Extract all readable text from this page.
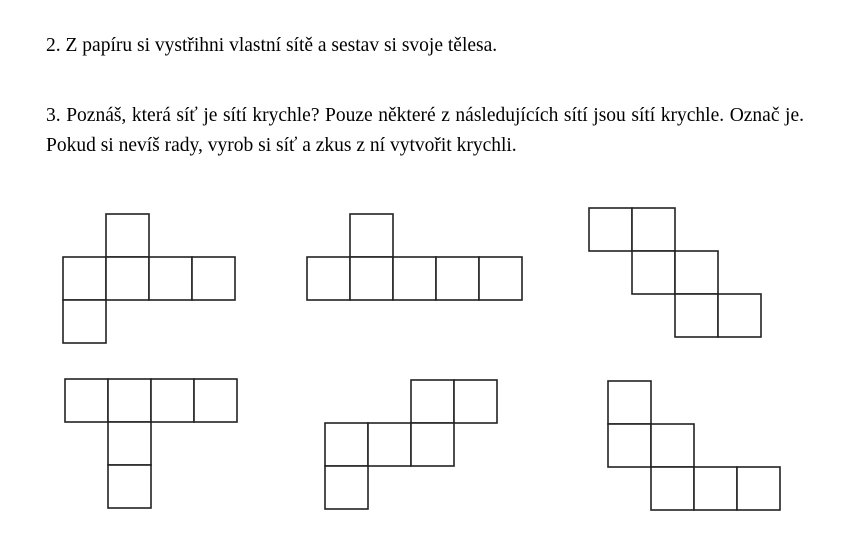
2. Z papíru si vystřihni vlastní sítě a sestav si svoje tělesa.

3. Poznáš, která síť je sítí krychle? Pouze některé z následujících sítí jsou sítí krychle. Označ je. Pokud si nevíš rady, vyrob si síť a zkus z ní vytvořit krychli.
